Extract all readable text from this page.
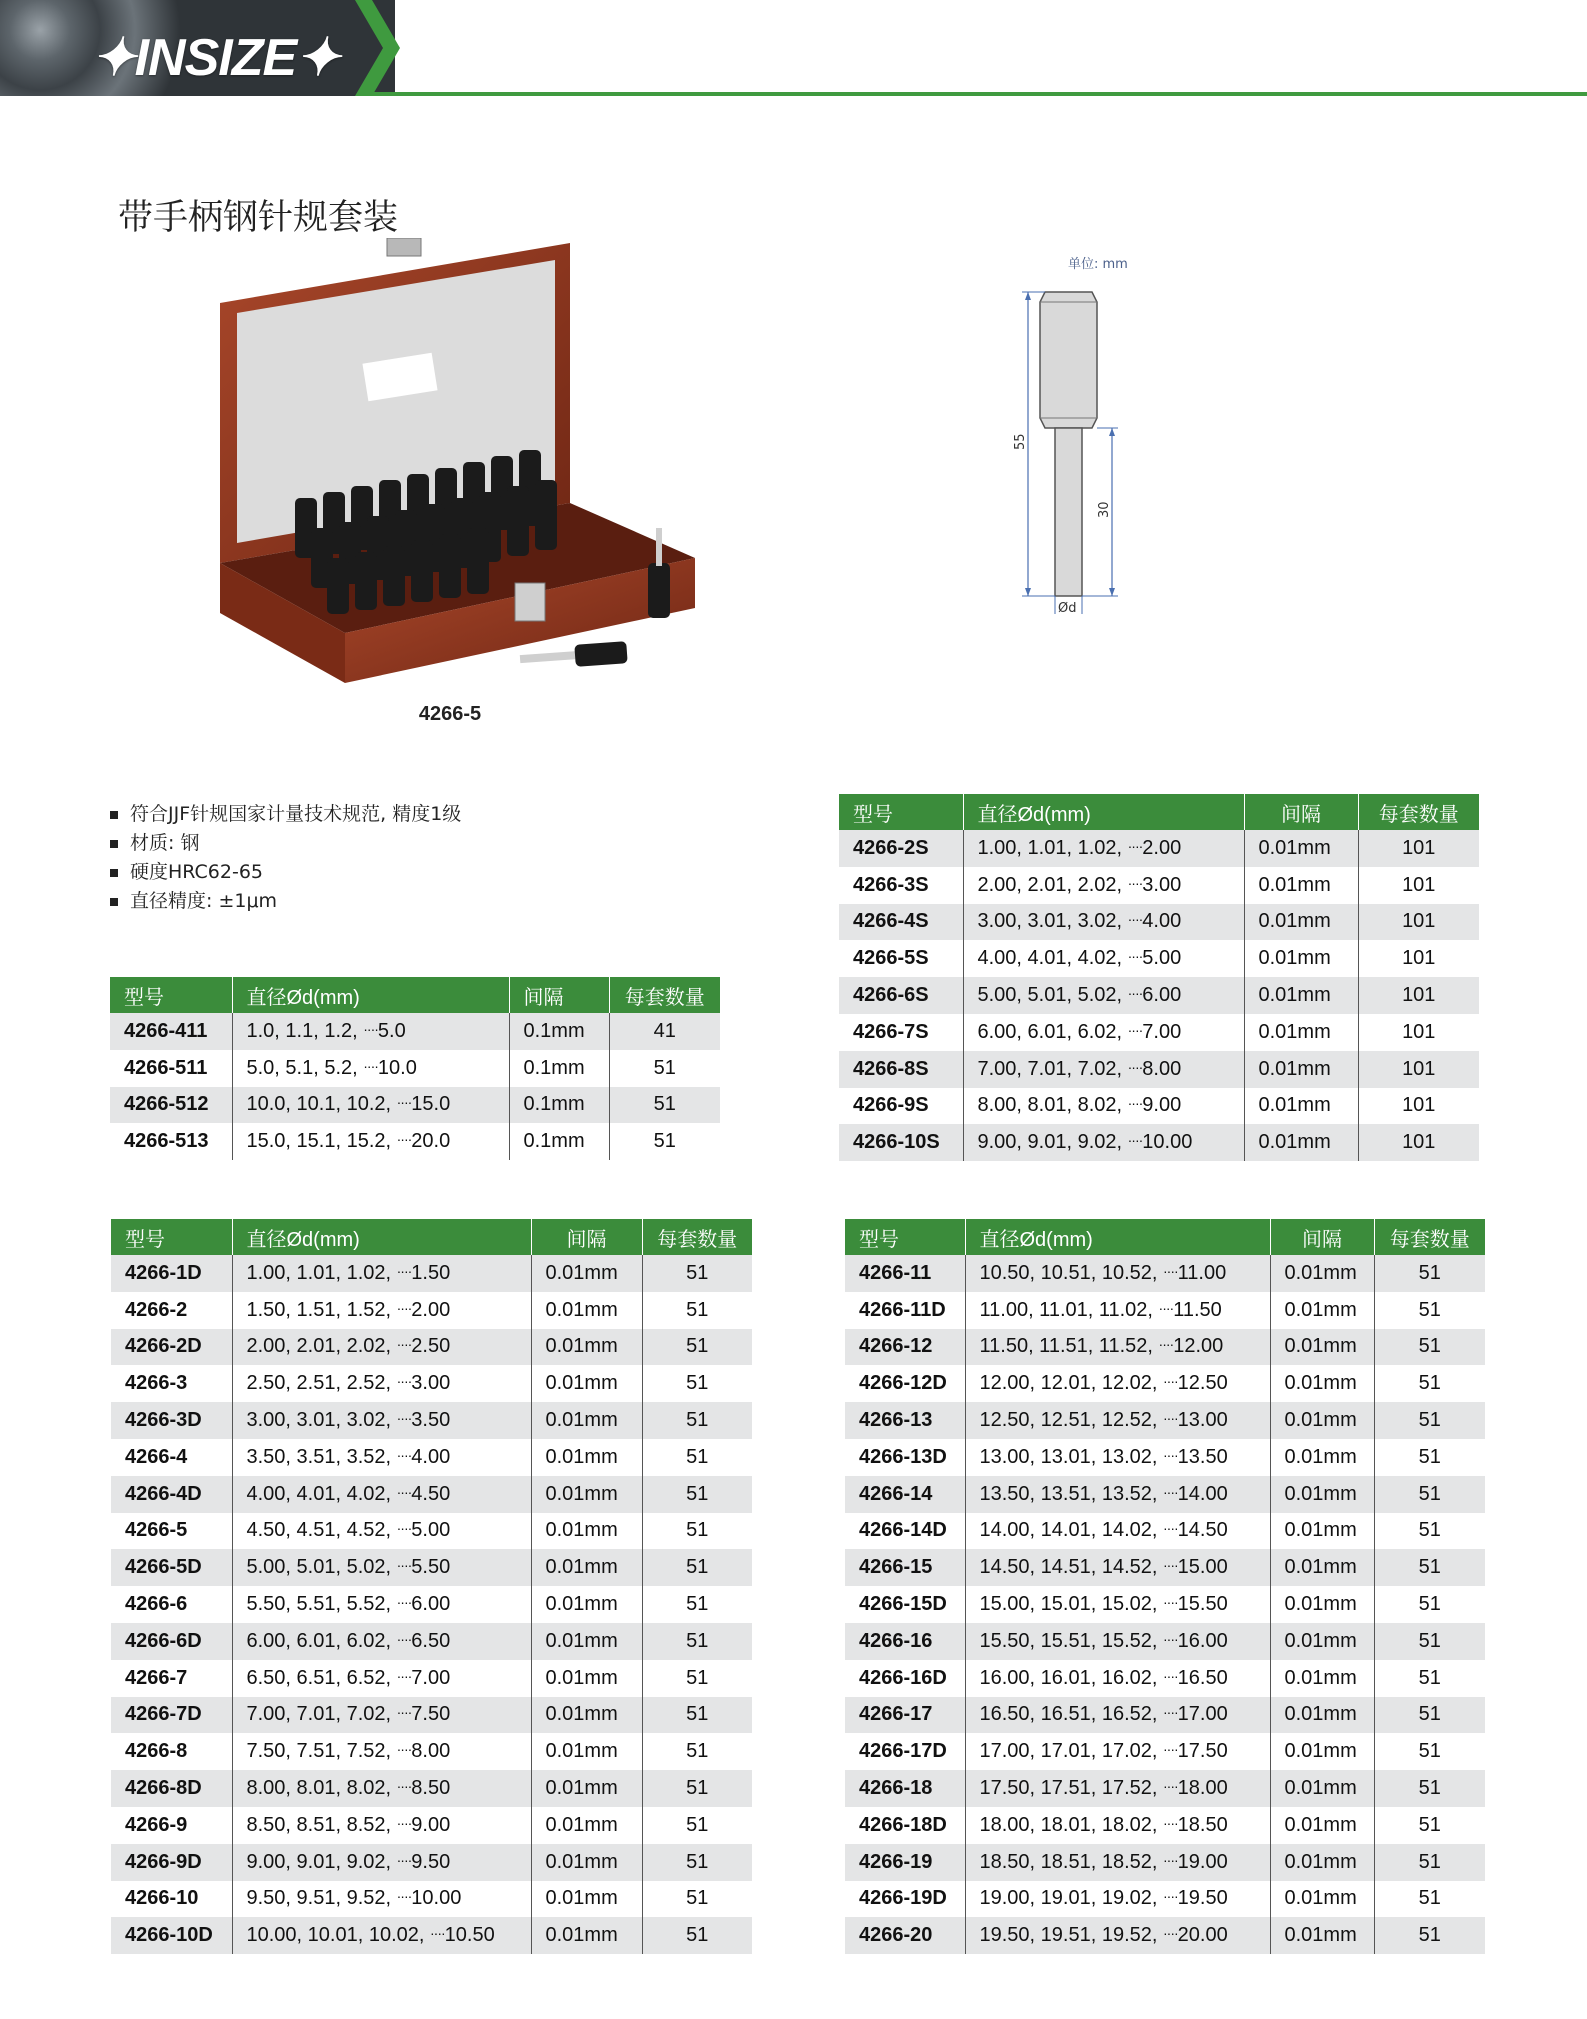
✦INSIZE✦
带手柄钢针规套装
4266-5
单位: mm
55
30
Ød
符合JJF针规国家计量技术规范, 精度1级
材质: 钢
硬度HRC62-65
直径精度: ±1μm
型号	直径Ød(mm)	间隔	每套数量
4266-411	1.0, 1.1, 1.2, ····5.0	0.1mm	41
4266-511	5.0, 5.1, 5.2, ····10.0	0.1mm	51
4266-512	10.0, 10.1, 10.2, ····15.0	0.1mm	51
4266-513	15.0, 15.1, 15.2, ····20.0	0.1mm	51
型号	直径Ød(mm)	间隔	每套数量
4266-2S	1.00, 1.01, 1.02, ····2.00	0.01mm	101
4266-3S	2.00, 2.01, 2.02, ····3.00	0.01mm	101
4266-4S	3.00, 3.01, 3.02, ····4.00	0.01mm	101
4266-5S	4.00, 4.01, 4.02, ····5.00	0.01mm	101
4266-6S	5.00, 5.01, 5.02, ····6.00	0.01mm	101
4266-7S	6.00, 6.01, 6.02, ····7.00	0.01mm	101
4266-8S	7.00, 7.01, 7.02, ····8.00	0.01mm	101
4266-9S	8.00, 8.01, 8.02, ····9.00	0.01mm	101
4266-10S	9.00, 9.01, 9.02, ····10.00	0.01mm	101
型号	直径Ød(mm)	间隔	每套数量
4266-1D	1.00, 1.01, 1.02, ····1.50	0.01mm	51
4266-2	1.50, 1.51, 1.52, ····2.00	0.01mm	51
4266-2D	2.00, 2.01, 2.02, ····2.50	0.01mm	51
4266-3	2.50, 2.51, 2.52, ····3.00	0.01mm	51
4266-3D	3.00, 3.01, 3.02, ····3.50	0.01mm	51
4266-4	3.50, 3.51, 3.52, ····4.00	0.01mm	51
4266-4D	4.00, 4.01, 4.02, ····4.50	0.01mm	51
4266-5	4.50, 4.51, 4.52, ····5.00	0.01mm	51
4266-5D	5.00, 5.01, 5.02, ····5.50	0.01mm	51
4266-6	5.50, 5.51, 5.52, ····6.00	0.01mm	51
4266-6D	6.00, 6.01, 6.02, ····6.50	0.01mm	51
4266-7	6.50, 6.51, 6.52, ····7.00	0.01mm	51
4266-7D	7.00, 7.01, 7.02, ····7.50	0.01mm	51
4266-8	7.50, 7.51, 7.52, ····8.00	0.01mm	51
4266-8D	8.00, 8.01, 8.02, ····8.50	0.01mm	51
4266-9	8.50, 8.51, 8.52, ····9.00	0.01mm	51
4266-9D	9.00, 9.01, 9.02, ····9.50	0.01mm	51
4266-10	9.50, 9.51, 9.52, ····10.00	0.01mm	51
4266-10D	10.00, 10.01, 10.02, ····10.50	0.01mm	51
型号	直径Ød(mm)	间隔	每套数量
4266-11	10.50, 10.51, 10.52, ····11.00	0.01mm	51
4266-11D	11.00, 11.01, 11.02, ····11.50	0.01mm	51
4266-12	11.50, 11.51, 11.52, ····12.00	0.01mm	51
4266-12D	12.00, 12.01, 12.02, ····12.50	0.01mm	51
4266-13	12.50, 12.51, 12.52, ····13.00	0.01mm	51
4266-13D	13.00, 13.01, 13.02, ····13.50	0.01mm	51
4266-14	13.50, 13.51, 13.52, ····14.00	0.01mm	51
4266-14D	14.00, 14.01, 14.02, ····14.50	0.01mm	51
4266-15	14.50, 14.51, 14.52, ····15.00	0.01mm	51
4266-15D	15.00, 15.01, 15.02, ····15.50	0.01mm	51
4266-16	15.50, 15.51, 15.52, ····16.00	0.01mm	51
4266-16D	16.00, 16.01, 16.02, ····16.50	0.01mm	51
4266-17	16.50, 16.51, 16.52, ····17.00	0.01mm	51
4266-17D	17.00, 17.01, 17.02, ····17.50	0.01mm	51
4266-18	17.50, 17.51, 17.52, ····18.00	0.01mm	51
4266-18D	18.00, 18.01, 18.02, ····18.50	0.01mm	51
4266-19	18.50, 18.51, 18.52, ····19.00	0.01mm	51
4266-19D	19.00, 19.01, 19.02, ····19.50	0.01mm	51
4266-20	19.50, 19.51, 19.52, ····20.00	0.01mm	51
